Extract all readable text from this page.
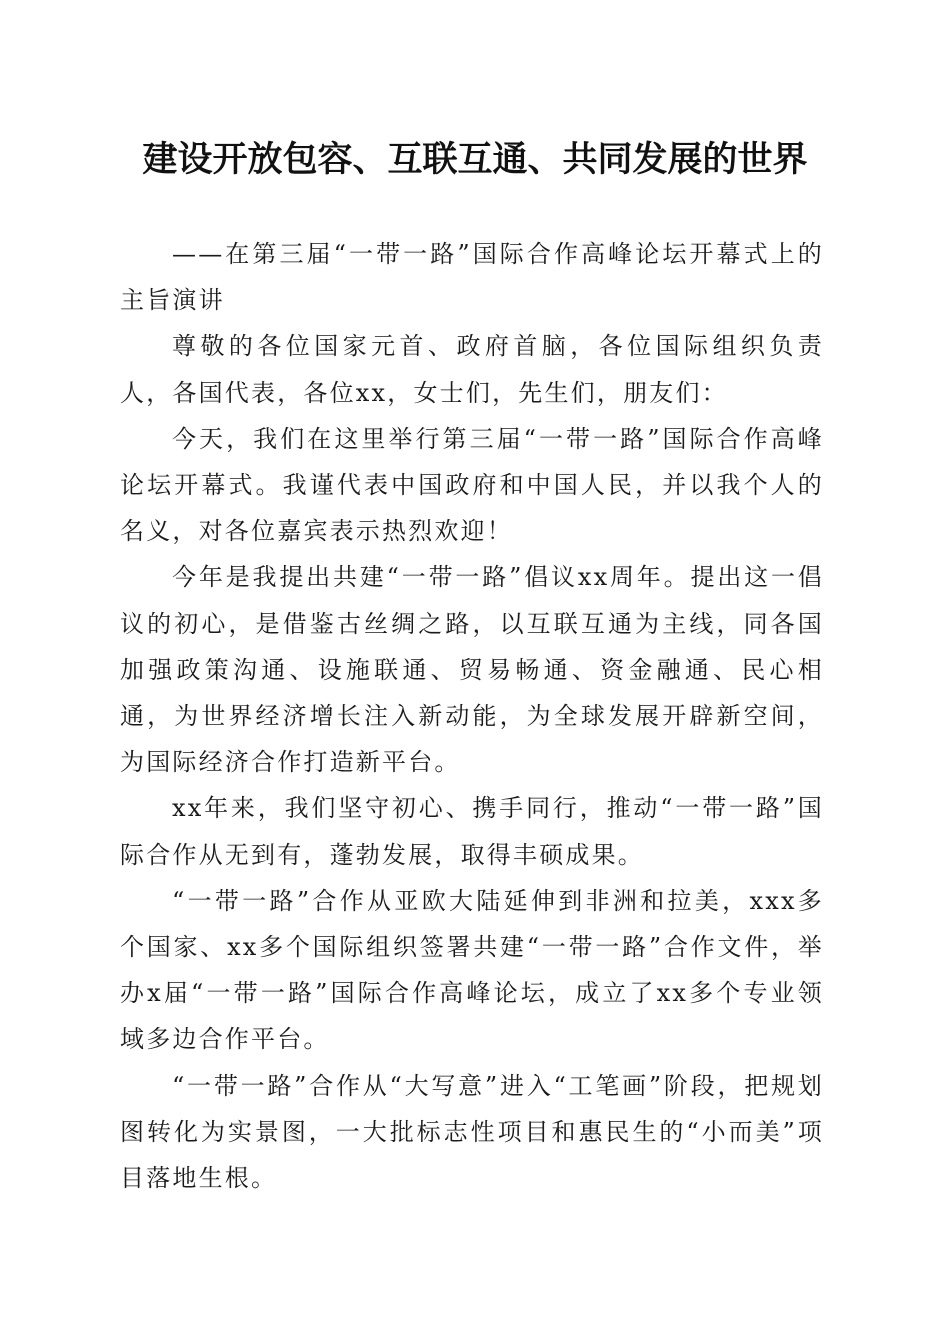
建设开放包容、互联互通、共同发展的世界

——在第三届“一带一路”国际合作高峰论坛开幕式上的主旨演讲

尊敬的各位国家元首、政府首脑，各位国际组织负责人，各国代表，各位xx，女士们，先生们，朋友们：

今天，我们在这里举行第三届“一带一路”国际合作高峰论坛开幕式。我谨代表中国政府和中国人民，并以我个人的名义，对各位嘉宾表示热烈欢迎！

今年是我提出共建“一带一路”倡议xx周年。提出这一倡议的初心，是借鉴古丝绸之路，以互联互通为主线，同各国加强政策沟通、设施联通、贸易畅通、资金融通、民心相通，为世界经济增长注入新动能，为全球发展开辟新空间，为国际经济合作打造新平台。

xx年来，我们坚守初心、携手同行，推动“一带一路”国际合作从无到有，蓬勃发展，取得丰硕成果。

“一带一路”合作从亚欧大陆延伸到非洲和拉美，xxx多个国家、xx多个国际组织签署共建“一带一路”合作文件，举办x届“一带一路”国际合作高峰论坛，成立了xx多个专业领域多边合作平台。

“一带一路”合作从“大写意”进入“工笔画”阶段，把规划图转化为实景图，一大批标志性项目和惠民生的“小而美”项目落地生根。
